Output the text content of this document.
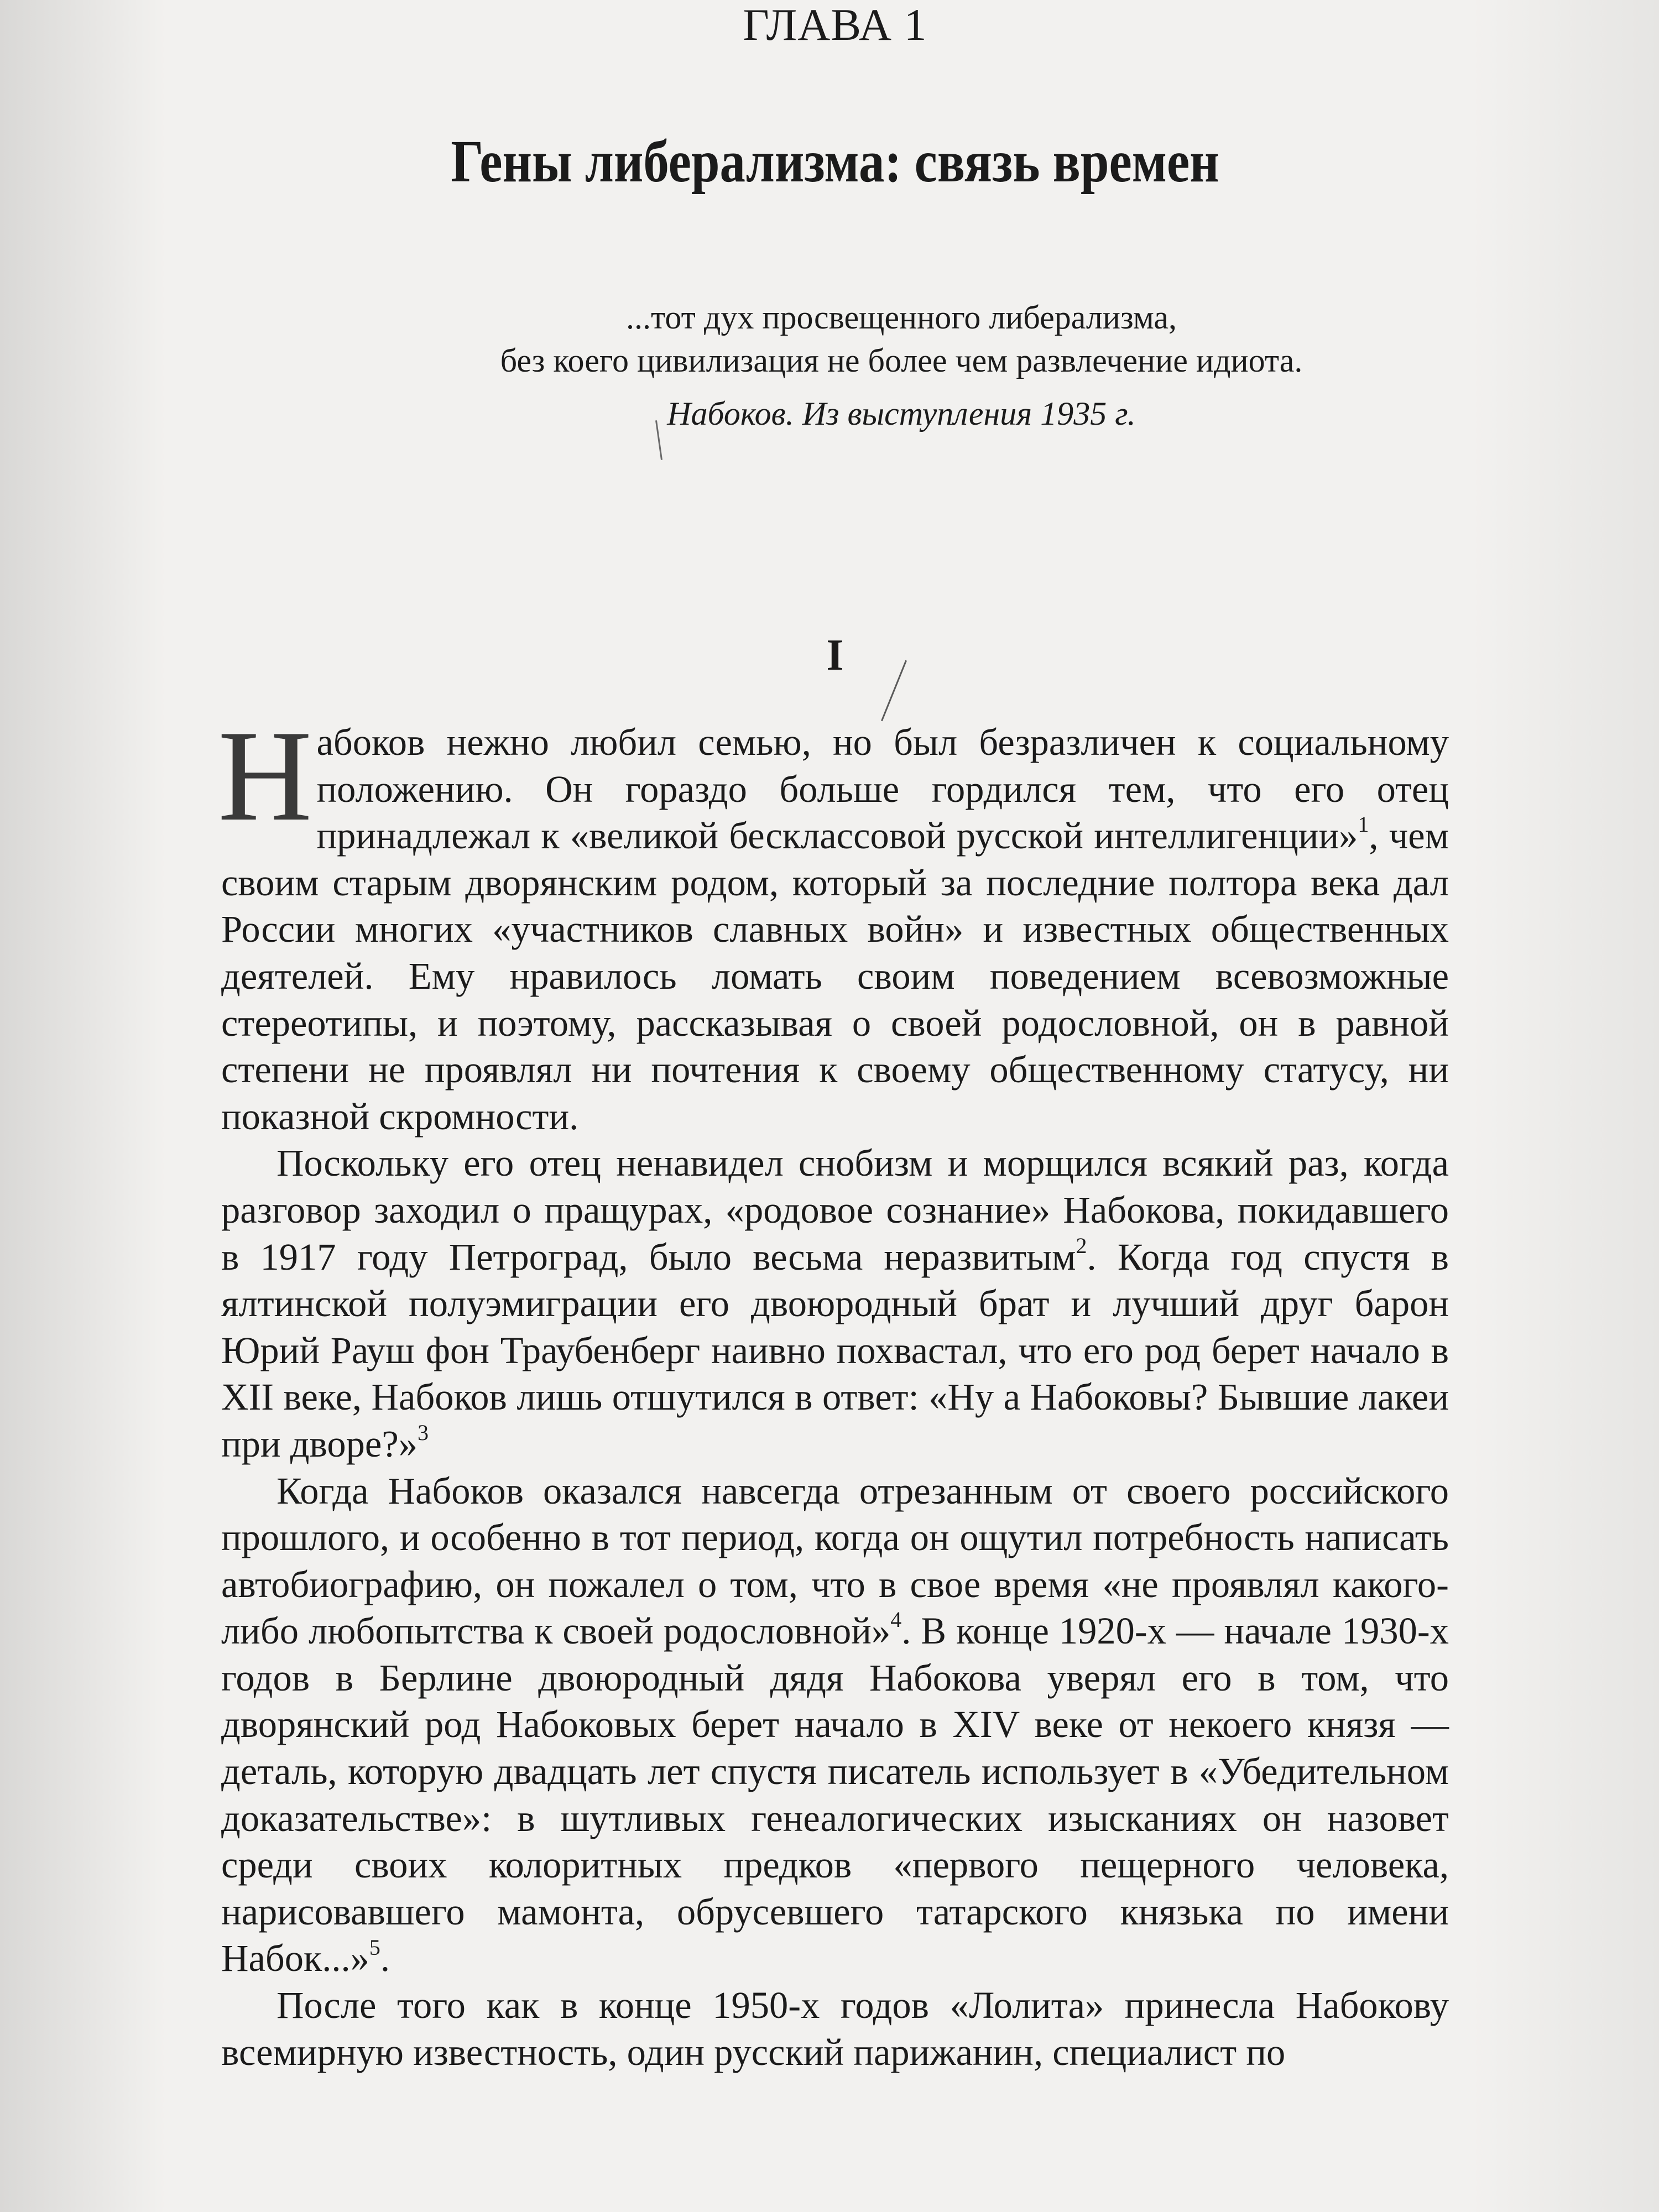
ГЛАВА 1
Гены либерализма: связь времен
...тот дух просвещенного либерализма,
без коего цивилизация не более чем развлечение идиота.
Набоков. Из выступления 1935 г.
I

Набоков нежно любил семью, но был безразличен к социальному положению. Он гораздо больше гордился тем, что его отец принадлежал к «великой бесклассовой русской интеллигенции»$^1$, чем своим старым дворянским родом, который за последние полтора века дал России многих «участников славных войн» и известных общественных деятелей. Ему нравилось ломать своим поведением всевозможные стереотипы, и поэтому, рассказывая о своей родословной, он в равной степени не проявлял ни почтения к своему общественному статусу, ни показной скромности.

Поскольку его отец ненавидел снобизм и морщился всякий раз, когда разговор заходил о пращурах, «родовое сознание» Набокова, покидавшего в 1917 году Петроград, было весьма неразвитым$^2$. Когда год спустя в ялтинской полуэмиграции его двоюродный брат и лучший друг барон Юрий Рауш фон Траубенберг наивно похвастал, что его род берет начало в XII веке, Набоков лишь отшутился в ответ: «Ну а Набоковы? Бывшие лакеи при дворе?»$^3$

Когда Набоков оказался навсегда отрезанным от своего российского прошлого, и особенно в тот период, когда он ощутил потребность написать автобиографию, он пожалел о том, что в свое время «не проявлял какого-либо любопытства к своей родословной»$^4$. В конце 1920-х — начале 1930-х годов в Берлине двоюродный дядя Набокова уверял его в том, что дворянский род Набоковых берет начало в XIV веке от некоего князя — деталь, которую двадцать лет спустя писатель использует в «Убедительном доказательстве»: в шутливых генеалогических изысканиях он назовет среди своих колоритных предков «первого пещерного человека, нарисовавшего мамонта, обрусевшего татарского князька по имени Набок...»$^5$.

После того как в конце 1950-х годов «Лолита» принесла Набокову всемирную известность, один русский парижанин, специалист по
